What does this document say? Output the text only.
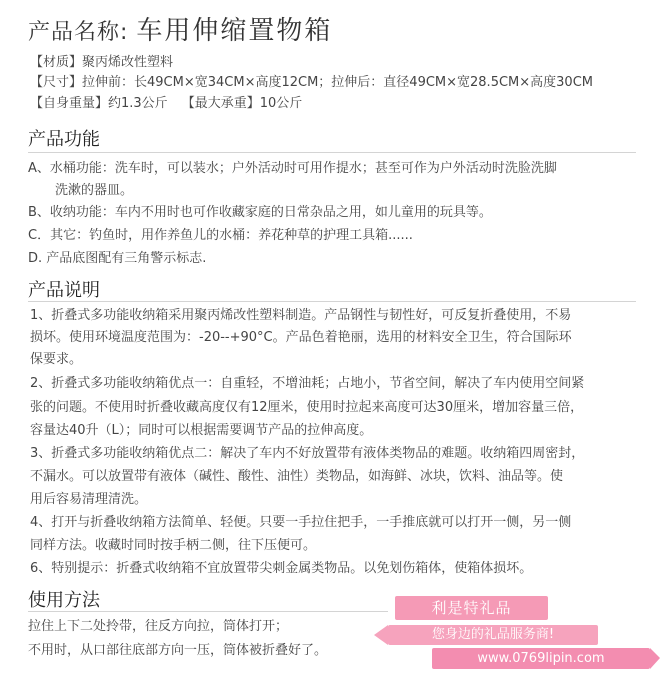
产品名称: 车用伸缩置物箱
【材质】聚丙烯改性塑料
【尺寸】拉伸前：长49CM×宽34CM×高度12CM；拉伸后：直径49CM×宽28.5CM×高度30CM
【自身重量】约1.3公斤 【最大承重】10公斤
产品功能
A、水桶功能：洗车时，可以装水；户外活动时可用作提水；甚至可作为户外活动时洗脸洗脚
洗漱的器皿。
B、收纳功能：车内不用时也可作收藏家庭的日常杂品之用，如儿童用的玩具等。
C．其它：钓鱼时，用作养鱼儿的水桶：养花种草的护理工具箱......
D. 产品底图配有三角警示标志.
产品说明
1、折叠式多功能收纳箱采用聚丙烯改性塑料制造。产品钢性与韧性好，可反复折叠使用，不易
损坏。使用环境温度范围为：-20--+90°C。产品色着艳丽，选用的材料安全卫生，符合国际环
保要求。
2、折叠式多功能收纳箱优点一：自重轻，不增油耗；占地小，节省空间，解决了车内使用空间紧
张的问题。不使用时折叠收藏高度仅有12厘米，使用时拉起来高度可达30厘米，增加容量三倍，
容量达40升（L）；同时可以根据需要调节产品的拉伸高度。
3、折叠式多功能收纳箱优点二：解决了车内不好放置带有液体类物品的难题。收纳箱四周密封，
不漏水。可以放置带有液体（碱性、酸性、油性）类物品，如海鲜、冰块，饮料、油品等。使
用后容易清理清洗。
4、打开与折叠收纳箱方法简单、轻便。只要一手拉住把手，一手推底就可以打开一侧，另一侧
同样方法。收藏时同时按手柄二侧，往下压便可。
6、特别提示：折叠式收纳箱不宜放置带尖刺金属类物品。以免划伤箱体，使箱体损坏。
使用方法
拉住上下二处拎带，往反方向拉，筒体打开；
不用时，从口部往底部方向一压，筒体被折叠好了。
利是特礼品
您身边的礼品服务商!
www.0769lipin.com
